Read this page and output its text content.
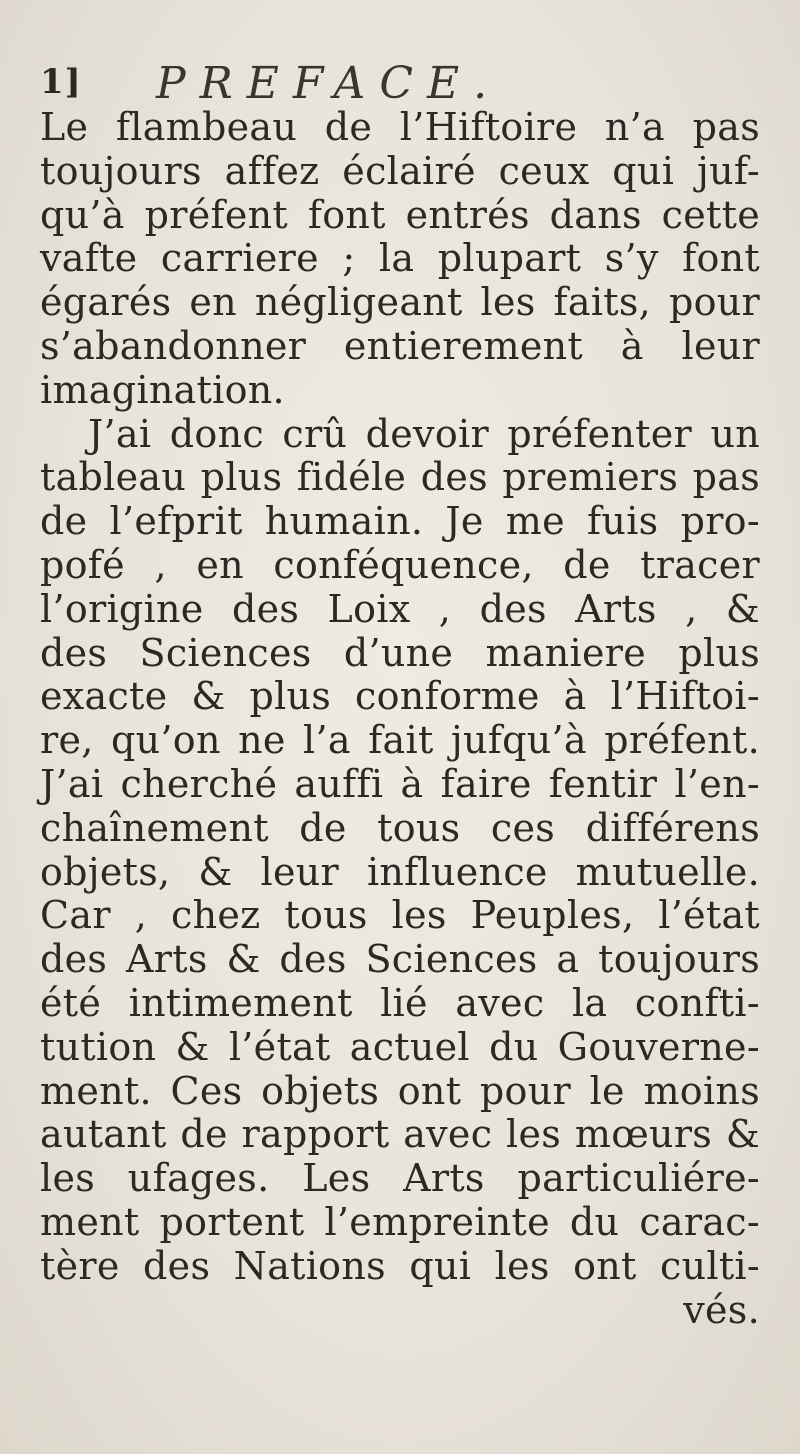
1] PREFACE.
Le flambeau de l’Hiftoire n’a pas
toujours affez éclairé ceux qui juf-
qu’à préfent font entrés dans cette
vafte carriere ; la plupart s’y font
égarés en négligeant les faits, pour
s’abandonner entierement à leur
imagination.
J’ai donc crû devoir préfenter un
tableau plus fidéle des premiers pas
de l’efprit humain. Je me fuis pro-
pofé , en conféquence, de tracer
l’origine des Loix , des Arts , &
des Sciences d’une maniere plus
exacte & plus conforme à l’Hiftoi-
re, qu’on ne l’a fait jufqu’à préfent.
J’ai cherché auffi à faire fentir l’en-
chaînement de tous ces différens
objets, & leur influence mutuelle.
Car , chez tous les Peuples, l’état
des Arts & des Sciences a toujours
été intimement lié avec la confti-
tution & l’état actuel du Gouverne-
ment. Ces objets ont pour le moins
autant de rapport avec les mœurs &
les ufages. Les Arts particuliére-
ment portent l’empreinte du carac-
tère des Nations qui les ont culti-
vés.
